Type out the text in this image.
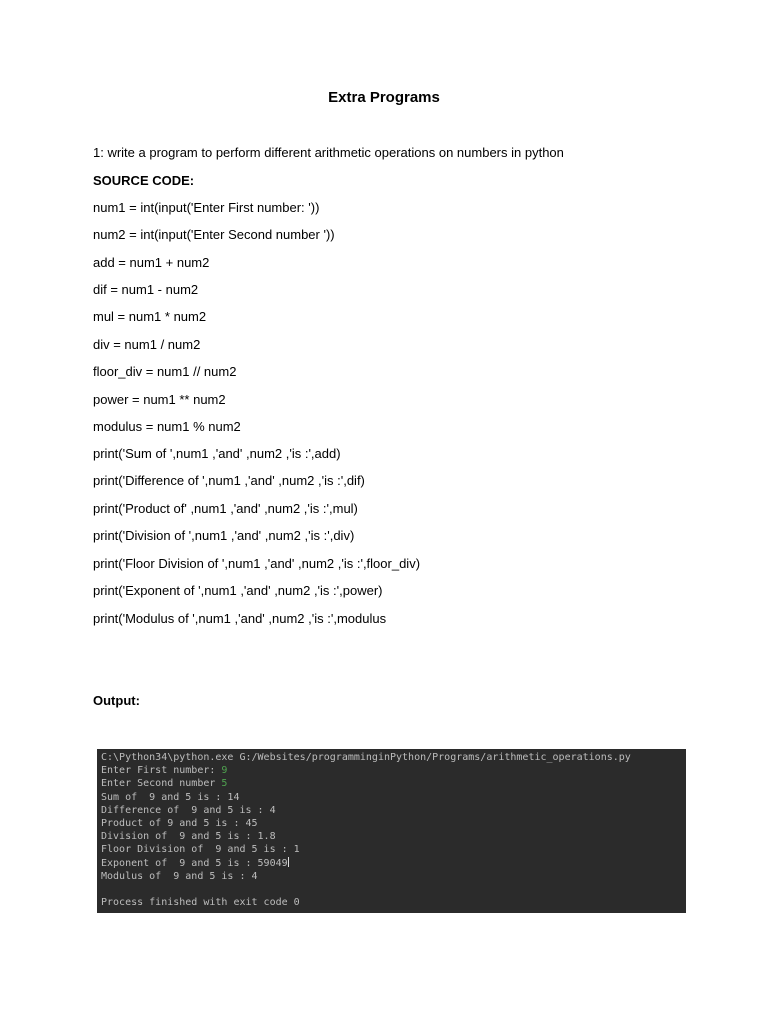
Extra Programs
1: write a program to perform different arithmetic operations on numbers in python
SOURCE CODE:
num1 = int(input('Enter First number: '))
num2 = int(input('Enter Second number '))
add = num1 + num2
dif = num1 - num2
mul = num1 * num2
div = num1 / num2
floor_div = num1 // num2
power = num1 ** num2
modulus = num1 % num2
print('Sum of ',num1 ,'and' ,num2 ,'is :',add)
print('Difference of ',num1 ,'and' ,num2 ,'is :',dif)
print('Product of' ,num1 ,'and' ,num2 ,'is :',mul)
print('Division of ',num1 ,'and' ,num2 ,'is :',div)
print('Floor Division of ',num1 ,'and' ,num2 ,'is :',floor_div)
print('Exponent of ',num1 ,'and' ,num2 ,'is :',power)
print('Modulus of ',num1 ,'and' ,num2 ,'is :',modulus
Output:
C:\Python34\python.exe G:/Websites/programminginPython/Programs/arithmetic_operations.py
Enter First number: 9
Enter Second number 5
Sum of  9 and 5 is : 14
Difference of  9 and 5 is : 4
Product of 9 and 5 is : 45
Division of  9 and 5 is : 1.8
Floor Division of  9 and 5 is : 1
Exponent of  9 and 5 is : 59049
Modulus of  9 and 5 is : 4
Process finished with exit code 0
